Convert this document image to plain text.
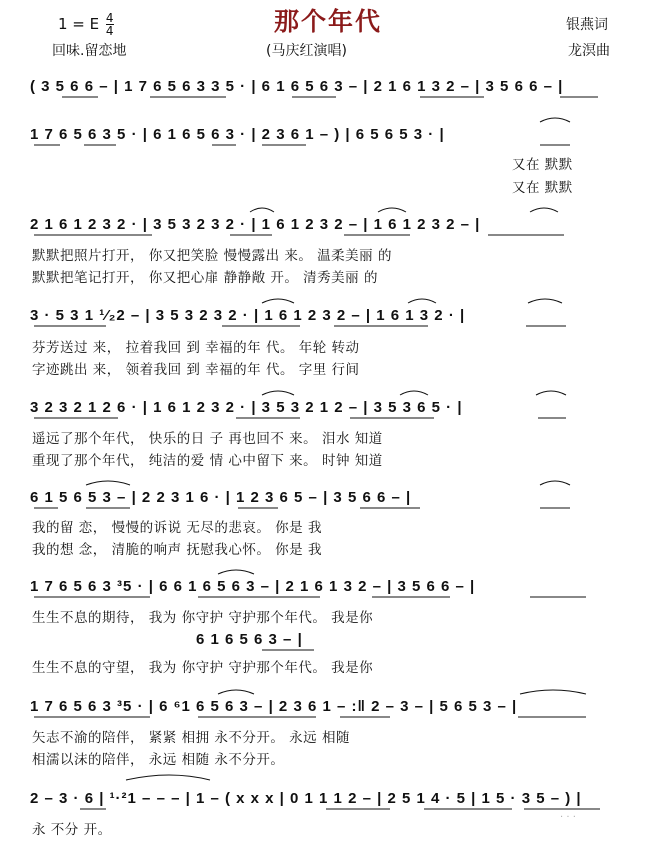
那个年代
1 = E $\frac{4}{4}$
回味.留恋地	(马庆红演唱)
银燕词
龙溟曲
( 3 5 6 6 – | 1 7 6 5 6 3 3 5 · | 6 1 6 5 6 3 – | 2 1 6 1 3 2 – | 3 5 6 6 – |
1 7 6 5 6 3 5 · | 6 1 6 5 6 3 · | 2 3 6 1 – ) | 6 5 6 5 3 · |
又在 默默
又在 默默
2 1 6 1 2 3 2 · | 3 5 3 2 3 2 · | 1 6 1 2 3 2 – | 1 6 1 2 3 2 – |
默默把照片打开， 你又把笑脸 慢慢露出 来。 温柔美丽 的
默默把笔记打开， 你又把心扉 静静敞 开。 清秀美丽 的
3 · 5 3 1 ¹⁄₂2 – | 3 5 3 2 3 2 · | 1 6 1 2 3 2 – | 1 6 1 3 2 · |
芬芳送过 来， 拉着我回 到 幸福的年 代。 年轮 转动
字迹跳出 来， 领着我回 到 幸福的年 代。 字里 行间
3 2 3 2 1 2 6 · | 1 6 1 2 3 2 · | 3 5 3 2 1 2 – | 3 5 3 6 5 · |
遥远了那个年代， 快乐的日 子 再也回不 来。 泪水 知道
重现了那个年代， 纯洁的爱 情 心中留下 来。 时钟 知道
6 1 5 6 5 3 – | 2 2 3 1 6 · | 1 2 3 6 5 – | 3 5 6 6 – |
我的留 恋， 慢慢的诉说 无尽的悲哀。 你是 我
我的想 念， 清脆的响声 抚慰我心怀。 你是 我
1 7 6 5 6 3 ³5 · | 6 6 1 6 5 6 3 – | 2 1 6 1 3 2 – | 3 5 6 6 – |
生生不息的期待， 我为 你守护 守护那个年代。 我是你
6 1 6 5 6 3 – |
生生不息的守望， 我为 你守护 守护那个年代。 我是你
1 7 6 5 6 3 ³5 · | 6 ⁶1 6 5 6 3 – | 2 3 6 1 – :‖ 2 – 3 – | 5 6 5 3 – |
矢志不渝的陪伴， 紧紧 相拥 永不分开。 永远 相随
相濡以沫的陪伴， 永远 相随 永不分开。
2 – 3 · 6 | ¹·²1 – – – | 1 – ( x x x | 0 1 1 1 2 – | 2 5 1 4 · 5 | 1 5 · 3 5 – ) |
永 不分 开。
· · ·
